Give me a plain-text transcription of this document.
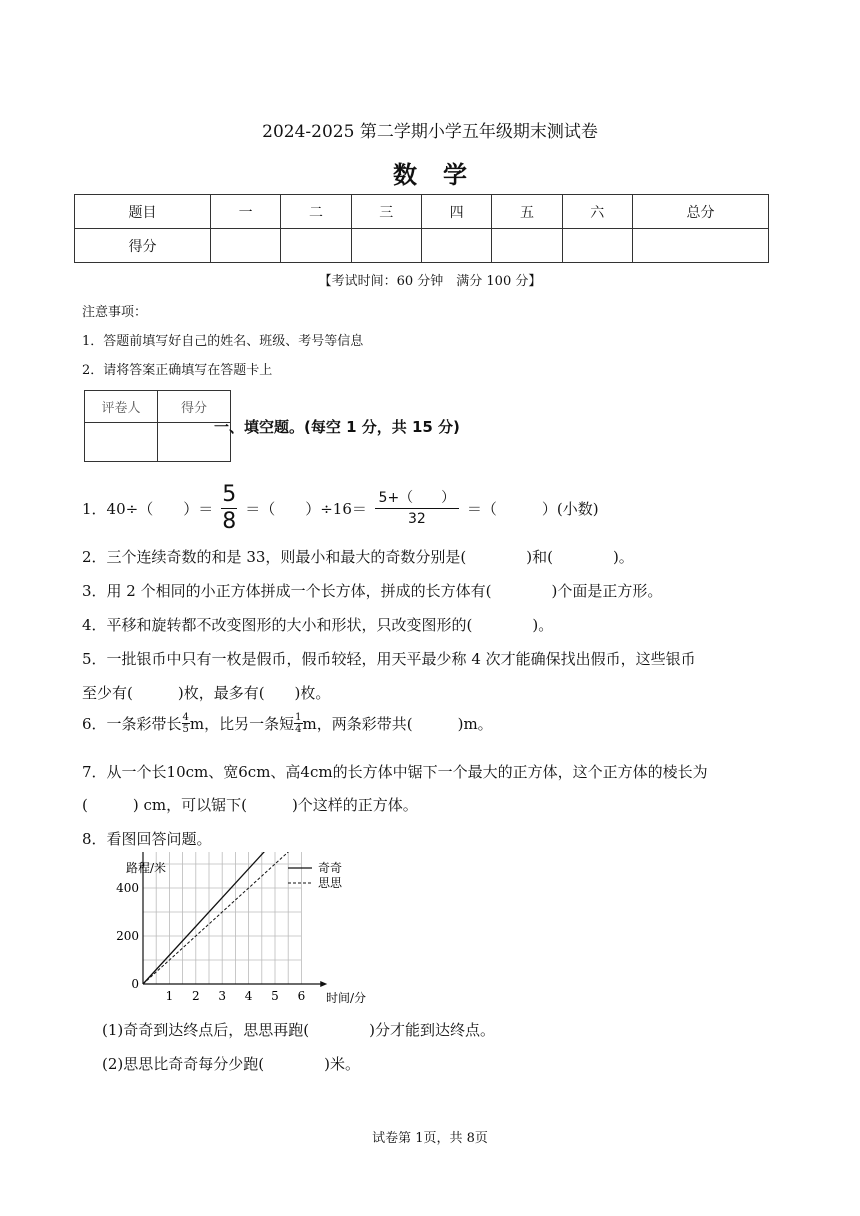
2024-2025 第二学期小学五年级期末测试卷
数学
题目	一	二	三	四	五	六	总分
得分							
【考试时间：60 分钟　满分 100 分】
注意事项：
1．答题前填写好自己的姓名、班级、考号等信息
2．请将答案正确填写在答题卡上
评卷人	得分

一、填空题。(每空 1 分，共 15 分)
1．40÷（　　）＝ $\frac{5}{8}$ ＝（　　）$\div 16= \frac{5+( )}{32}$ ＝（　　　）(小数)
2．三个连续奇数的和是 33，则最小和最大的奇数分别是(　　　　)和(　　　　)。
3．用 2 个相同的小正方体拼成一个长方体，拼成的长方体有(　　　　)个面是正方形。
4．平移和旋转都不改变图形的大小和形状，只改变图形的(　　　　)。
5．一批银币中只有一枚是假币，假币较轻，用天平最少称 4 次才能确保找出假币，这些银币
至少有(　　　)枚，最多有(　　)枚。
6．一条彩带长 $\frac{4}{5}$ m，比另一条短 $\frac{1}{4}$ m，两条彩带共(　　　)m。
7．从一个长10cm、宽6cm、高4cm的长方体中锯下一个最大的正方体，这个正方体的棱长为
(　　　) cm，可以锯下(　　　)个这样的正方体。
8．看图回答问题。
1 2 3 4 5 6
0
200
400
奇奇
思思
路程/米
时间/分
(1)奇奇到达终点后，思思再跑(　　　　)分才能到达终点。
(2)思思比奇奇每分少跑(　　　　)米。
试卷第 1页，共 8页
